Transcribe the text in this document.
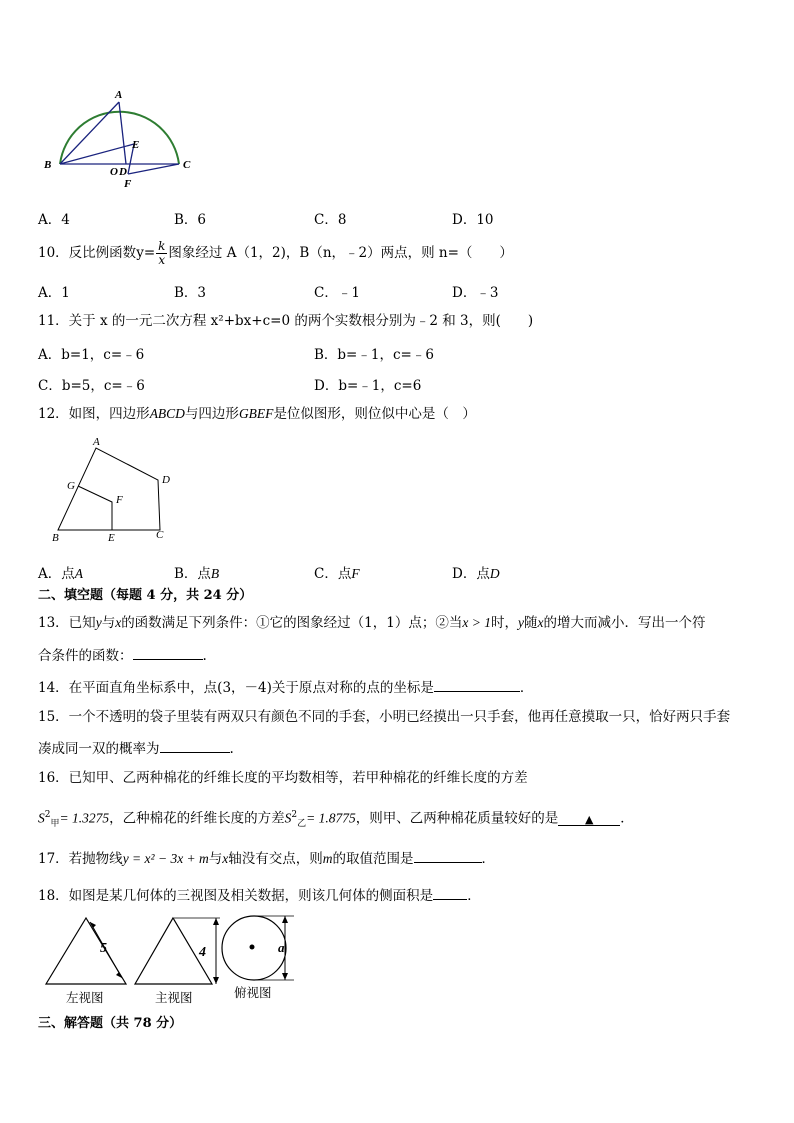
A
B	C
E
O D
F
A．4	B．6	C．8	D．10
10．反比例函数$y= \frac{k}{x}$ 图象经过 A（1，2)，B（n，﹣2）两点，则 n=（　　）
A．1	B．3	C．﹣1	D．﹣3
11．关于 x 的一元二次方程 x²+bx+c=0 的两个实数根分别为﹣2 和 3，则(　　)
A．b=1，c=﹣6	B．b=﹣1，c=﹣6
C．b=5，c=﹣6	D．b=﹣1，c=6
12．如图，四边形ABCD与四边形GBEF是位似图形，则位似中心是（　）
A
D
G
F
B	E	C
A．点A	B．点B	C．点F	D．点D
二、填空题（每题 4 分，共 24 分）
13．已知y与x的函数满足下列条件：①它的图象经过（1，1）点；②当x > 1时，y随x的增大而减小．写出一个符
合条件的函数：	.
14．在平面直角坐标系中，点(3，－4)关于原点对称的点的坐标是	．
15．一个不透明的袋子里装有两双只有颜色不同的手套，小明已经摸出一只手套，他再任意摸取一只，恰好两只手套
凑成同一双的概率为	.
16．已知甲、乙两种棉花的纤维长度的平均数相等，若甲种棉花的纤维长度的方差
$S^2_甲= 1.3275$，乙种棉花的纤维长度的方差$S^2_乙= 1.8775$，则甲、乙两种棉花质量较好的是 ▲ ．
17．若抛物线y = x² − 3x + m与x轴没有交点，则m的取值范围是	．
18．如图是某几何体的三视图及相关数据，则该几何体的侧面积是	．
5
左视图
4
主视图
a
俯视图
三、解答题（共 78 分）
